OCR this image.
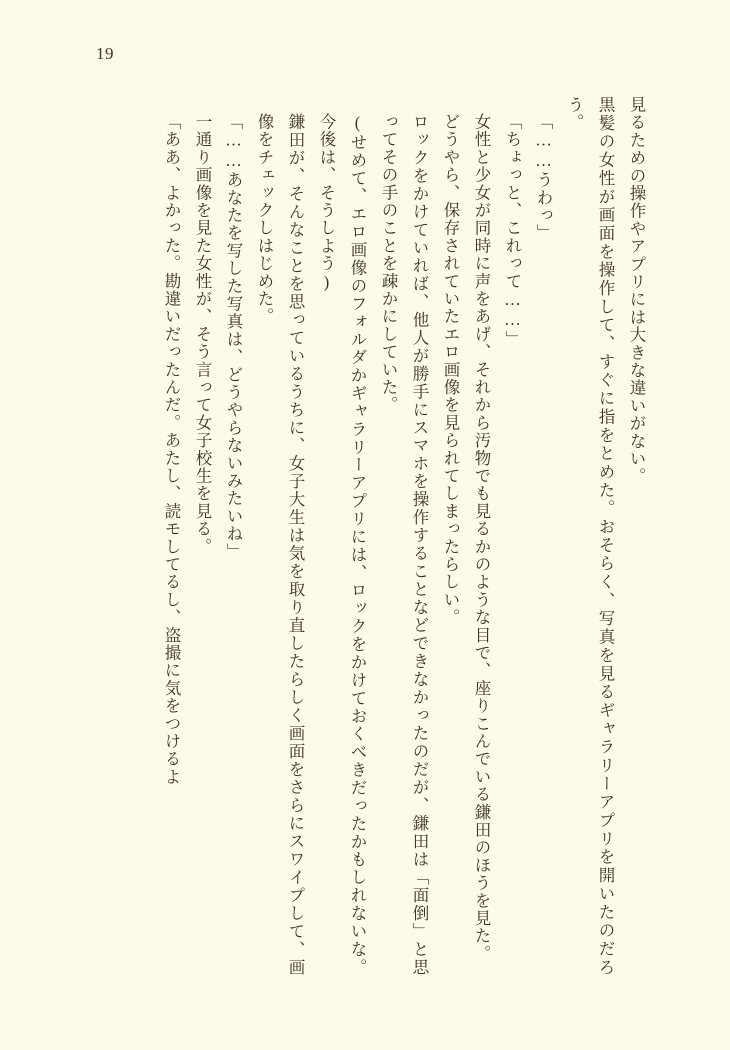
19

見るための操作やアプリには大きな違いがない。

黒髪の女性が画面を操作して、すぐに指をとめた。おそらく、写真を見るギャラリーアプリを開いたのだろう。

「……うわっ」

「ちょっと、これって……」

女性と少女が同時に声をあげ、それから汚物でも見るかのような目で、座りこんでいる鎌田のほうを見た。

どうやら、保存されていたエロ画像を見られてしまったらしい。

ロックをかけていれば、他人が勝手にスマホを操作することなどできなかったのだが、鎌田は「面倒」と思ってその手のことを疎かにしていた。

(せめて、エロ画像のフォルダかギャラリーアプリには、ロックをかけておくべきだったかもしれないな。今後は、そうしよう)

鎌田が、そんなことを思っているうちに、女子大生は気を取り直したらしく画面をさらにスワイプして、画像をチェックしはじめた。

「……あなたを写した写真は、どうやらないみたいね」

一通り画像を見た女性が、そう言って女子校生を見る。

「ああ、よかった。勘違いだったんだ。あたし、読モしてるし、盗撮に気をつけるよ
